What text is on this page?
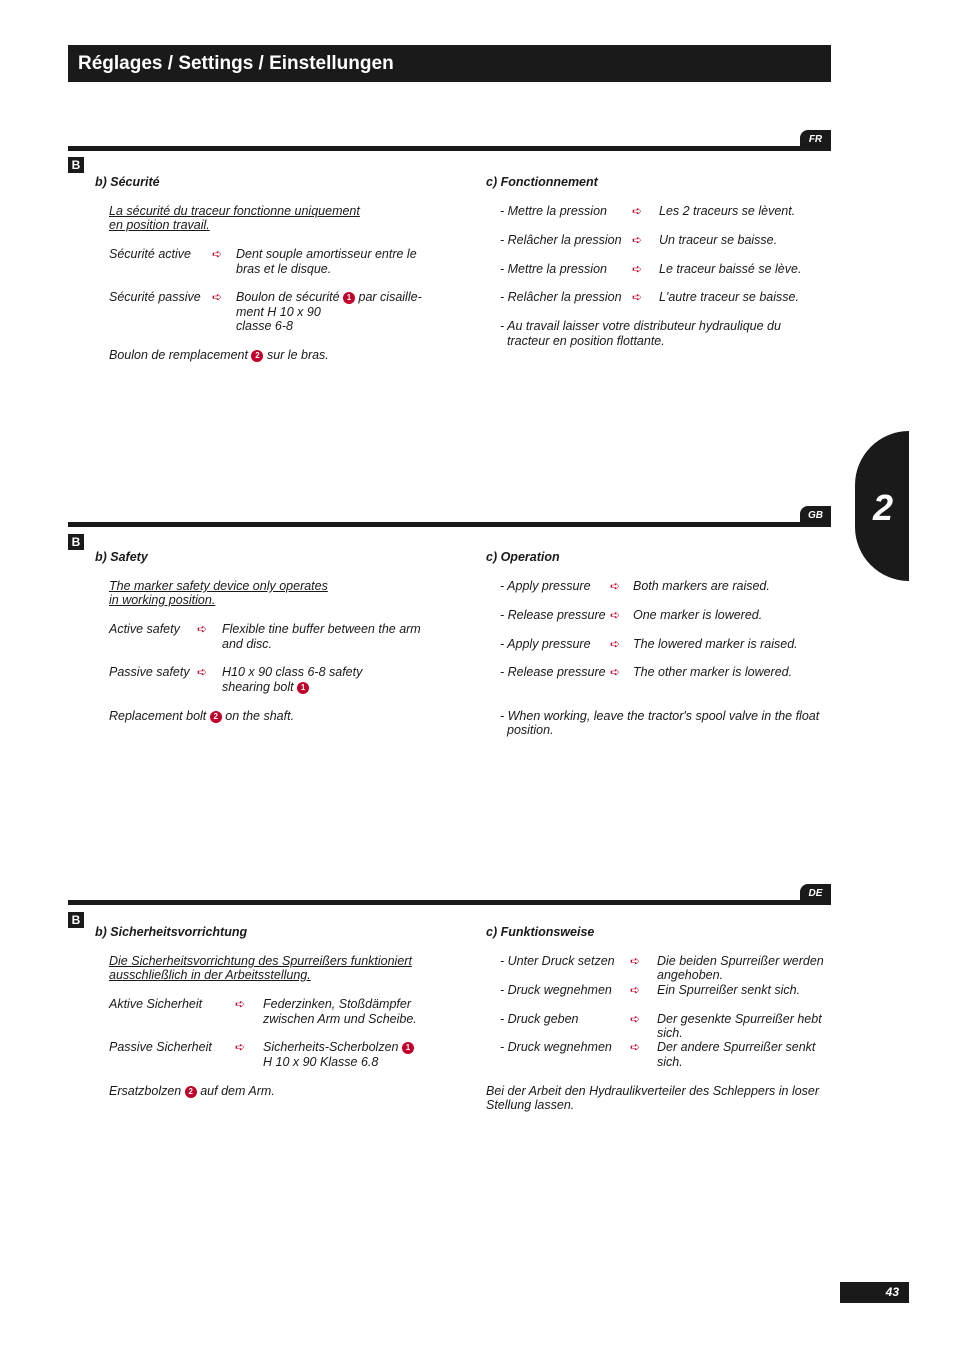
Réglages / Settings / Einstellungen
2
FR
B
b) Sécurité
La sécurité du traceur fonctionne uniquement
en position travail.
Sécurité active ➪ Dent souple amortisseur entre le
bras et le disque.
Sécurité passive ➪ Boulon de sécurité 1 par cisaille-
ment H 10 x 90
classe 6-8
Boulon de remplacement 2 sur le bras.
c) Fonctionnement
- Mettre la pression ➪ Les 2 traceurs se lèvent.
- Relâcher la pression ➪ Un traceur se baisse.
- Mettre la pression ➪ Le traceur baissé se lève.
- Relâcher la pression ➪ L'autre traceur se baisse.
- Au travail laisser votre distributeur hydraulique du
tracteur en position flottante.
GB
B
b) Safety
The marker safety device only operates
in working position.
Active safety ➪ Flexible tine buffer between the arm
and disc.
Passive safety ➪ H10 x 90 class 6-8 safety
shearing bolt 1
Replacement bolt 2 on the shaft.
c) Operation
- Apply pressure ➪ Both markers are raised.
- Release pressure ➪ One marker is lowered.
- Apply pressure ➪ The lowered marker is raised.
- Release pressure ➪ The other marker is lowered.
- When working, leave the tractor's spool valve in the float
position.
DE
B
b) Sicherheitsvorrichtung
Die Sicherheitsvorrichtung des Spurreißers funktioniert
ausschließlich in der Arbeitsstellung.
Aktive Sicherheit	➪ Federzinken, Stoßdämpfer
zwischen Arm und Scheibe.
Passive Sicherheit ➪ Sicherheits-Scherbolzen 1
H 10 x 90 Klasse 6.8
Ersatzbolzen 2 auf dem Arm.
c) Funktionsweise
- Unter Druck setzen ➪ Die beiden Spurreißer werden
angehoben.
- Druck wegnehmen ➪ Ein Spurreißer senkt sich.
- Druck geben	➪ Der gesenkte Spurreißer hebt
sich.
- Druck wegnehmen ➪ Der andere Spurreißer senkt
sich.
Bei der Arbeit den Hydraulikverteiler des Schleppers in loser
Stellung lassen.
43
